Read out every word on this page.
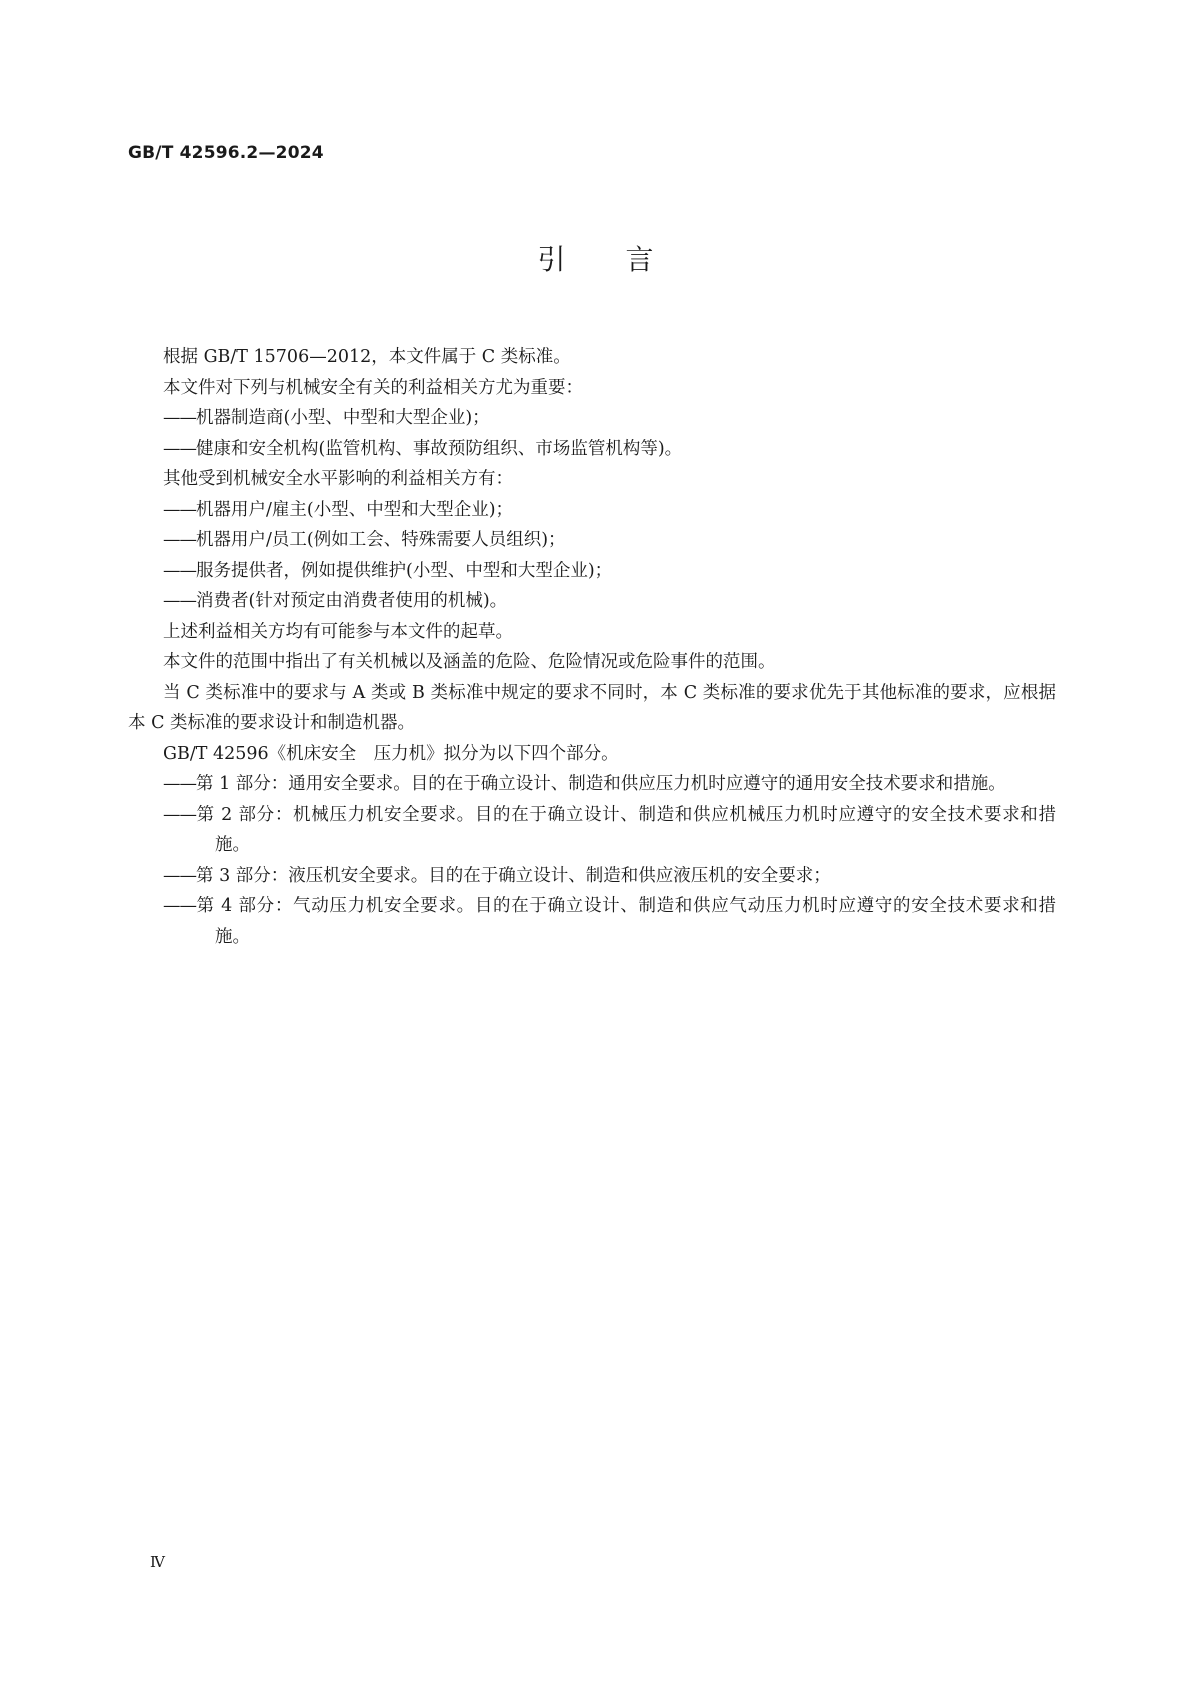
GB/T 42596.2—2024
引 言

根据 GB/T 15706—2012，本文件属于 C 类标准。

本文件对下列与机械安全有关的利益相关方尤为重要：

——机器制造商(小型、中型和大型企业)；

——健康和安全机构(监管机构、事故预防组织、市场监管机构等)。

其他受到机械安全水平影响的利益相关方有：

——机器用户/雇主(小型、中型和大型企业)；

——机器用户/员工(例如工会、特殊需要人员组织)；

——服务提供者，例如提供维护(小型、中型和大型企业)；

——消费者(针对预定由消费者使用的机械)。

上述利益相关方均有可能参与本文件的起草。

本文件的范围中指出了有关机械以及涵盖的危险、危险情况或危险事件的范围。

当 C 类标准中的要求与 A 类或 B 类标准中规定的要求不同时，本 C 类标准的要求优先于其他标准的要求，应根据本 C 类标准的要求设计和制造机器。

GB/T 42596《机床安全　压力机》拟分为以下四个部分。

——第 1 部分：通用安全要求。目的在于确立设计、制造和供应压力机时应遵守的通用安全技术要求和措施。

——第 2 部分：机械压力机安全要求。目的在于确立设计、制造和供应机械压力机时应遵守的安全技术要求和措施。

——第 3 部分：液压机安全要求。目的在于确立设计、制造和供应液压机的安全要求；

——第 4 部分：气动压力机安全要求。目的在于确立设计、制造和供应气动压力机时应遵守的安全技术要求和措施。

Ⅳ
